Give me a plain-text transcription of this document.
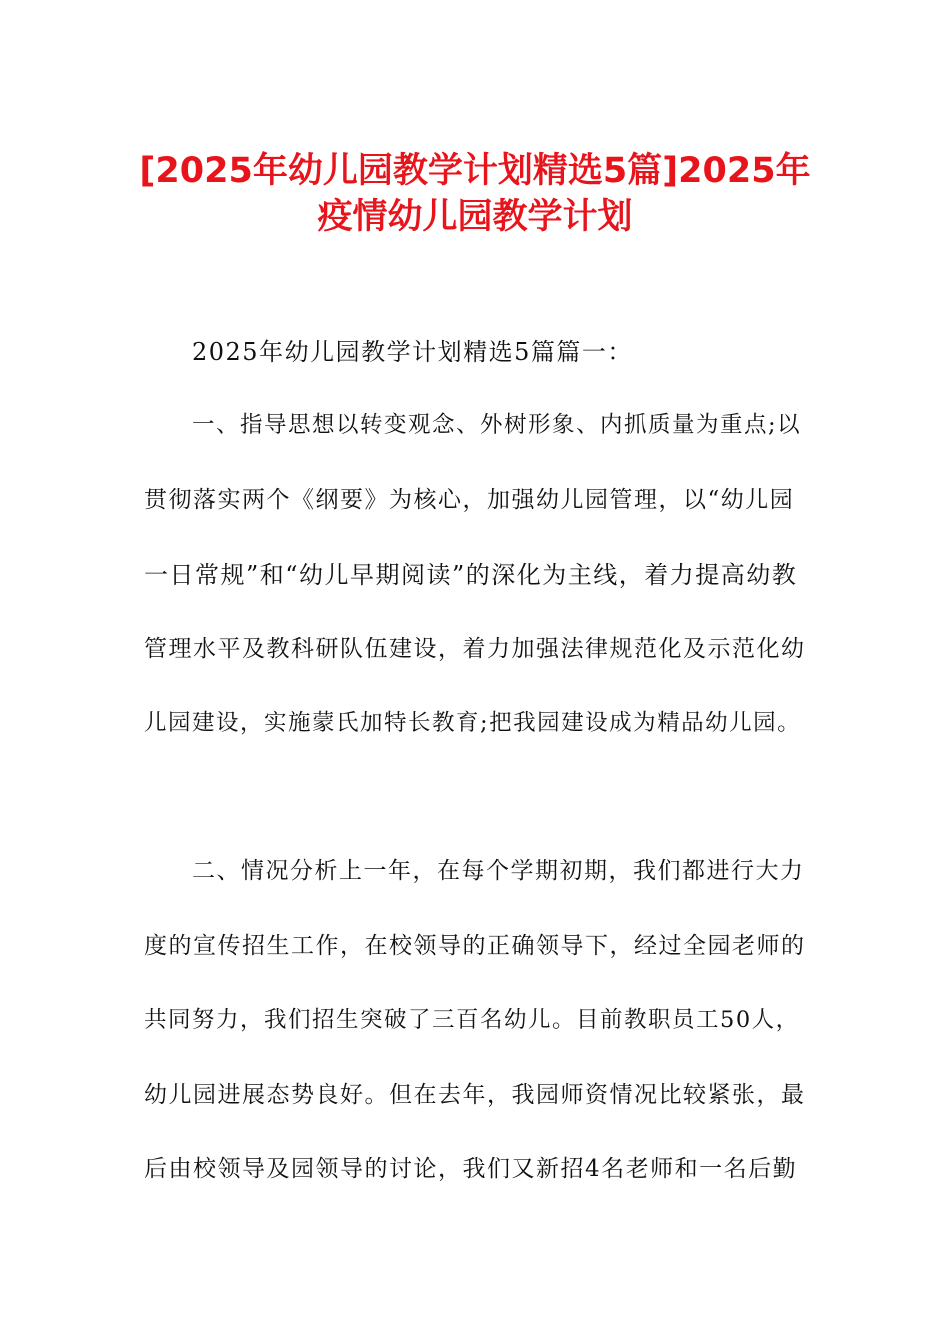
[2025年幼儿园教学计划精选5篇]2025年
疫情幼儿园教学计划
2025年幼儿园教学计划精选5篇篇一：
一、指导思想以转变观念、外树形象、内抓质量为重点;以
贯彻落实两个《纲要》为核心，加强幼儿园管理，以“幼儿园
一日常规”和“幼儿早期阅读”的深化为主线，着力提高幼教
管理水平及教科研队伍建设，着力加强法律规范化及示范化幼
儿园建设，实施蒙氏加特长教育;把我园建设成为精品幼儿园。
二、情况分析上一年，在每个学期初期，我们都进行大力
度的宣传招生工作，在校领导的正确领导下，经过全园老师的
共同努力，我们招生突破了三百名幼儿。目前教职员工50人，
幼儿园进展态势良好。但在去年，我园师资情况比较紧张，最
后由校领导及园领导的讨论，我们又新招4名老师和一名后勤
